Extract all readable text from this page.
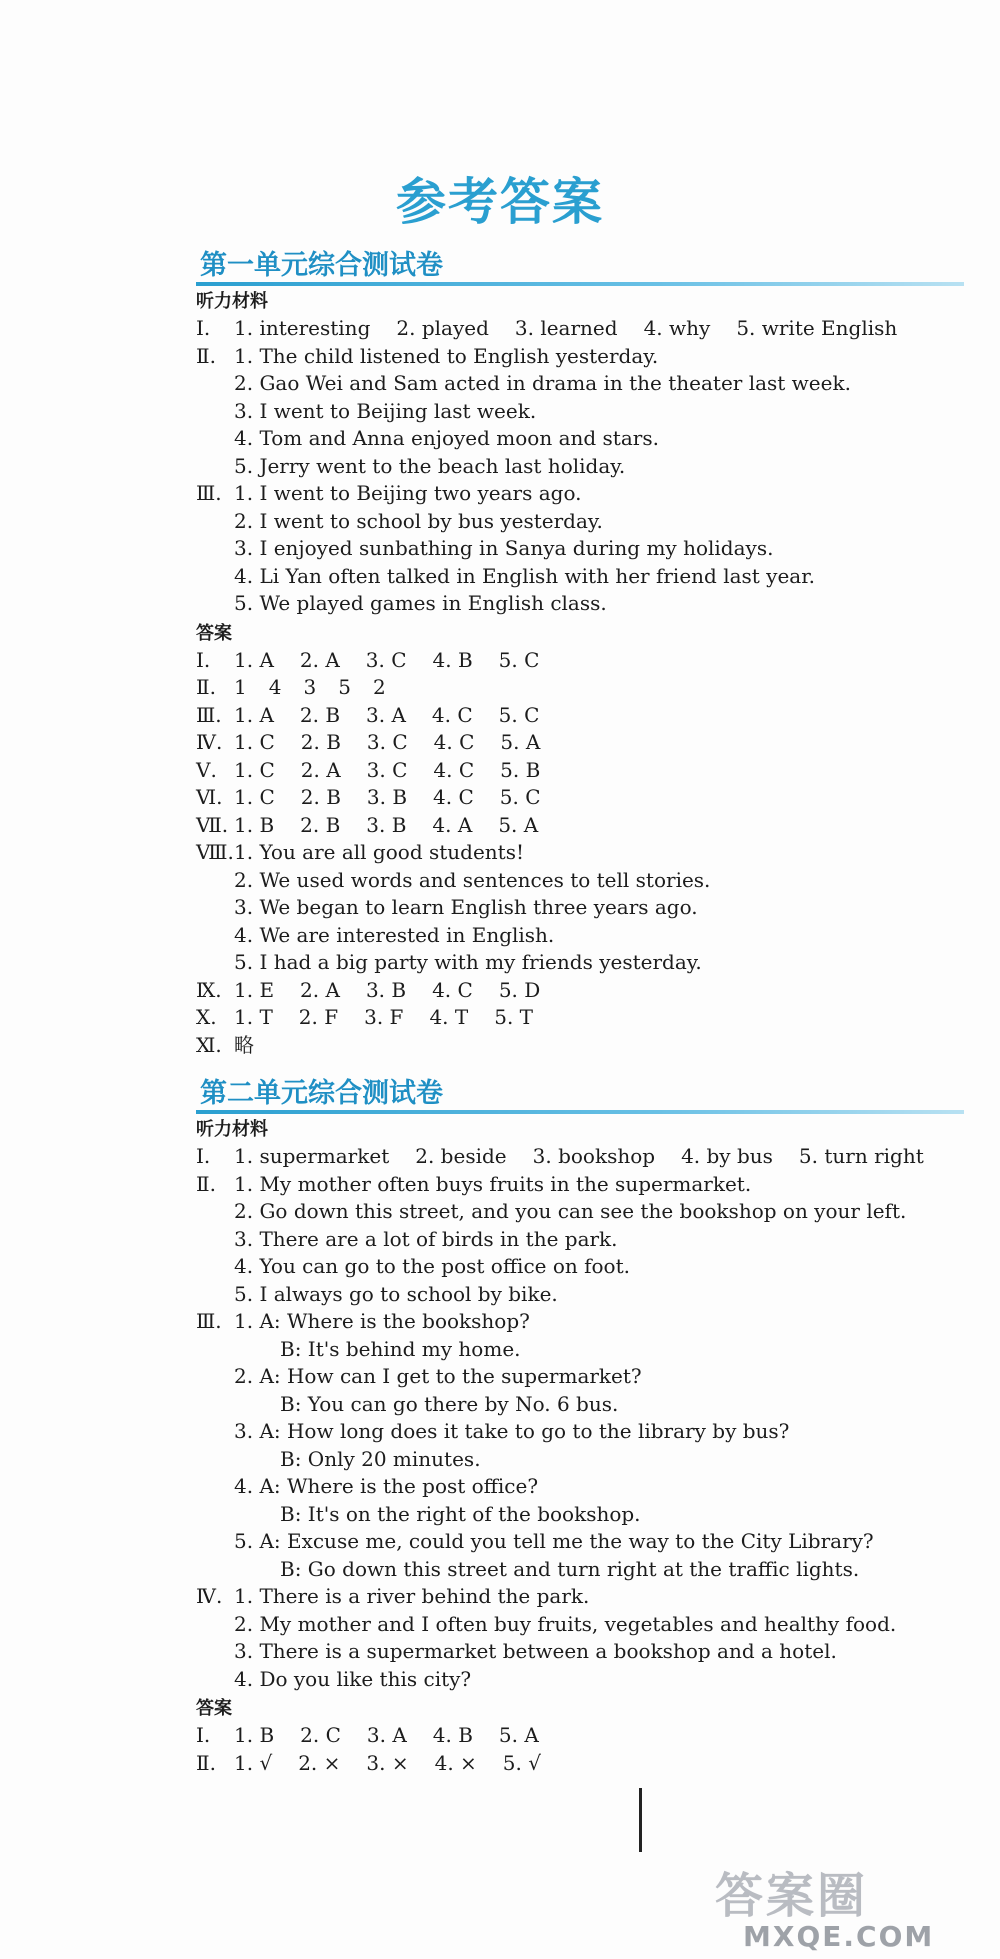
参考答案
第一单元综合测试卷
听力材料
Ⅰ. 1. interesting 2. played 3. learned 4. why 5. write English
Ⅱ. 1. The child listened to English yesterday.
2. Gao Wei and Sam acted in drama in the theater last week.
3. I went to Beijing last week.
4. Tom and Anna enjoyed moon and stars.
5. Jerry went to the beach last holiday.
Ⅲ. 1. I went to Beijing two years ago.
2. I went to school by bus yesterday.
3. I enjoyed sunbathing in Sanya during my holidays.
4. Li Yan often talked in English with her friend last year.
5. We played games in English class.
答案
Ⅰ. 1. A 2. A 3. C 4. B 5. C
Ⅱ. 1 4 3 5 2
Ⅲ. 1. A 2. B 3. A 4. C 5. C
Ⅳ. 1. C 2. B 3. C 4. C 5. A
Ⅴ. 1. C 2. A 3. C 4. C 5. B
Ⅵ. 1. C 2. B 3. B 4. C 5. C
Ⅶ. 1. B 2. B 3. B 4. A 5. A
Ⅷ.1. You are all good students!
2. We used words and sentences to tell stories.
3. We began to learn English three years ago.
4. We are interested in English.
5. I had a big party with my friends yesterday.
Ⅸ. 1. E 2. A 3. B 4. C 5. D
Ⅹ. 1. T 2. F 3. F 4. T 5. T
Ⅺ. 略
第二单元综合测试卷
听力材料
Ⅰ. 1. supermarket 2. beside 3. bookshop 4. by bus 5. turn right
Ⅱ. 1. My mother often buys fruits in the supermarket.
2. Go down this street, and you can see the bookshop on your left.
3. There are a lot of birds in the park.
4. You can go to the post office on foot.
5. I always go to school by bike.
Ⅲ. 1. A: Where is the bookshop?
B: It's behind my home.
2. A: How can I get to the supermarket?
B: You can go there by No. 6 bus.
3. A: How long does it take to go to the library by bus?
B: Only 20 minutes.
4. A: Where is the post office?
B: It's on the right of the bookshop.
5. A: Excuse me, could you tell me the way to the City Library?
B: Go down this street and turn right at the traffic lights.
Ⅳ. 1. There is a river behind the park.
2. My mother and I often buy fruits, vegetables and healthy food.
3. There is a supermarket between a bookshop and a hotel.
4. Do you like this city?
答案
Ⅰ. 1. B 2. C 3. A 4. B 5. A
Ⅱ. 1. √ 2. × 3. × 4. × 5. √
答案圈
MXQE.COM
